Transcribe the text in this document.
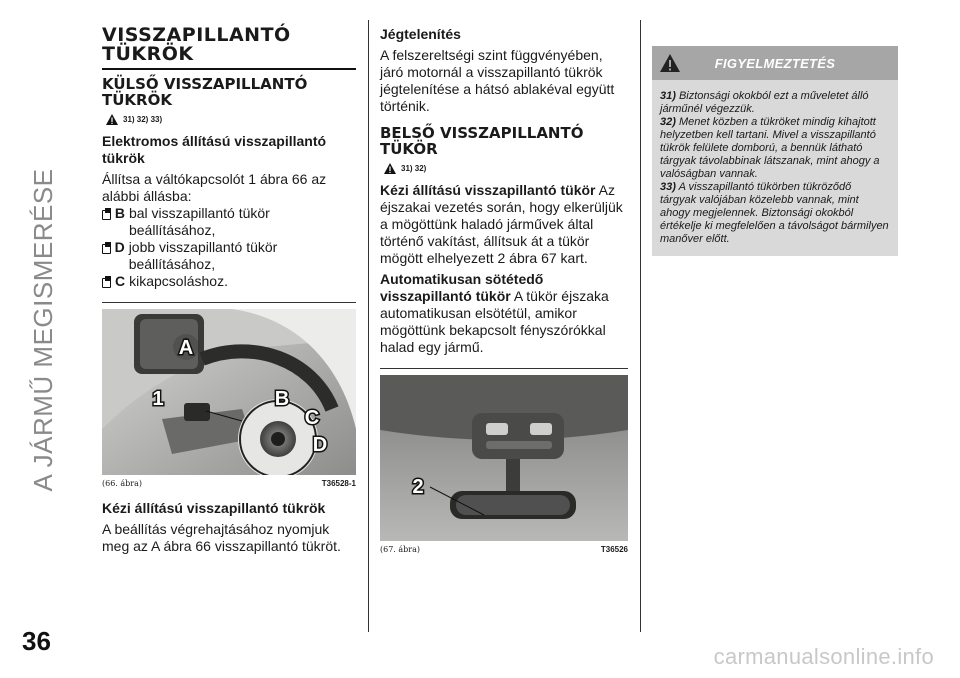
A JÁRMŰ MEGISMERÉSE
36
carmanualsonline.info
VISSZAPILLANTÓ
TÜKRÖK
KÜLSŐ VISSZAPILLANTÓ
TÜKRÖK
31) 32) 33)
Elektromos állítású visszapillantó tükrök

Állítsa a váltókapcsolót 1 ábra 66 az alábbi állásba:

B bal visszapillantó tükör beállításához,
D jobb visszapillantó tükör beállításához,
C kikapcsoláshoz.
A
1	B
C
D
(66. ábra)	T36528-1
Kézi állítású visszapillantó tükrök

A beállítás végrehajtásához nyomjuk meg az A ábra 66 visszapillantó tükröt.

Jégtelenítés

A felszereltségi szint függvényében, járó motornál a visszapillantó tükrök jégtelenítése a hátsó ablakéval együtt történik.

BELSŐ VISSZAPILLANTÓ
TÜKÖR
31) 32)

Kézi állítású visszapillantó tükör Az éjszakai vezetés során, hogy elkerüljük a mögöttünk haladó járművek által történő vakítást, állítsuk át a tükör mögött elhelyezett 2 ábra 67 kart.

Automatikusan sötétedő visszapillantó tükör A tükör éjszaka automatikusan elsötétül, amikor mögöttünk bekapcsolt fényszórókkal halad egy jármű.

2
(67. ábra)	T36526
FIGYELMEZTETÉS

31) Biztonsági okokból ezt a műveletet álló járműnél végezzük.

32) Menet közben a tükröket mindig kihajtott helyzetben kell tartani. Mivel a visszapillantó tükrök felülete domború, a bennük látható tárgyak távolabbinak látszanak, mint ahogy a valóságban vannak.

33) A visszapillantó tükörben tükröződő tárgyak valójában közelebb vannak, mint ahogy megjelennek. Biztonsági okokból értékelje ki megfelelően a távolságot bármilyen manőver előtt.
